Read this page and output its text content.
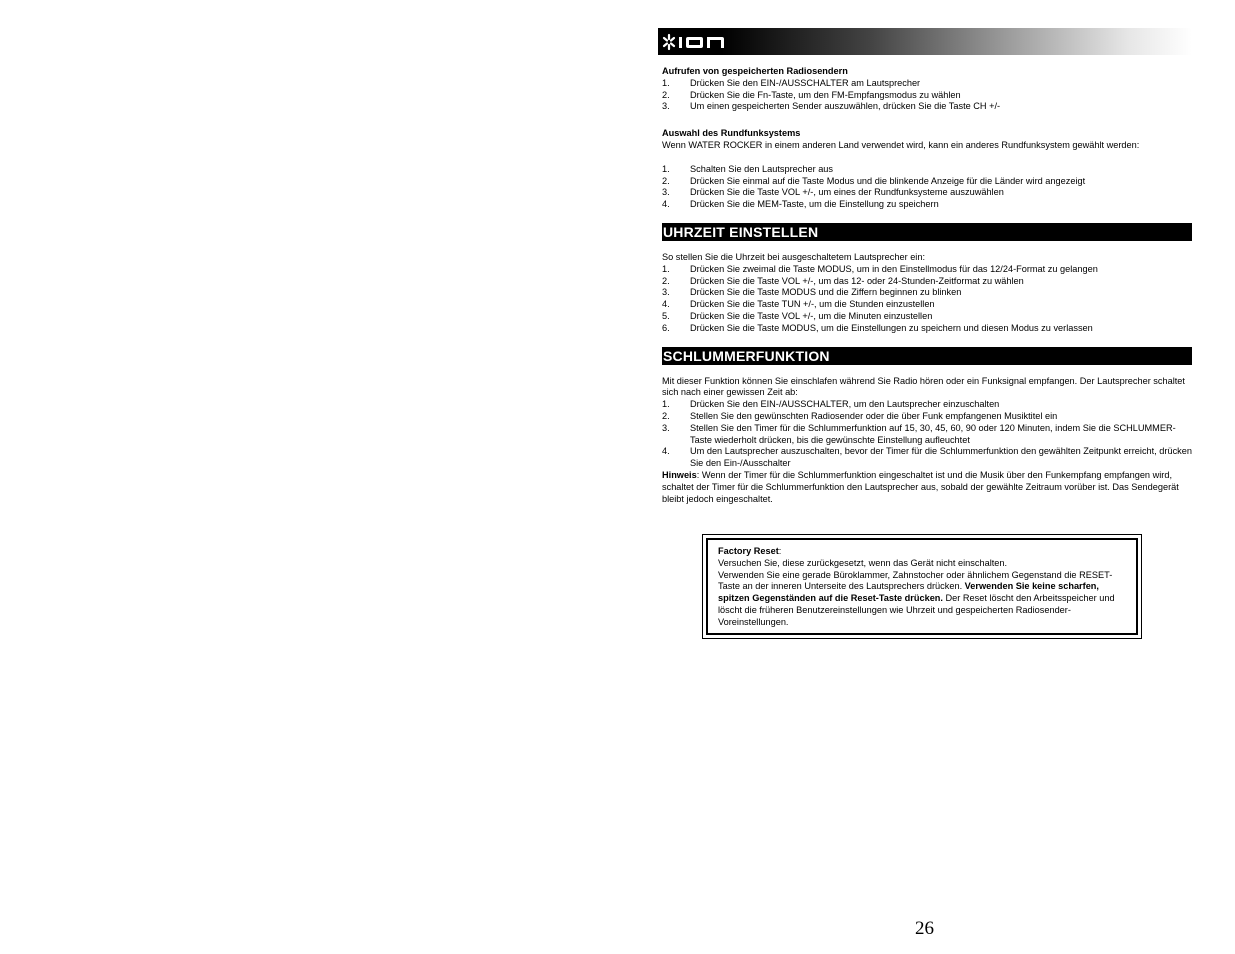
Aufrufen von gespeicherten Radiosendern

1. Drücken Sie den EIN-/AUSSCHALTER am Lautsprecher
2. Drücken Sie die Fn-Taste, um den FM-Empfangsmodus zu wählen
3. Um einen gespeicherten Sender auszuwählen, drücken Sie die Taste CH +/-

Auswahl des Rundfunksystems

Wenn WATER ROCKER in einem anderen Land verwendet wird, kann ein anderes Rundfunksystem gewählt werden:

1. Schalten Sie den Lautsprecher aus
2. Drücken Sie einmal auf die Taste Modus und die blinkende Anzeige für die Länder wird angezeigt
3. Drücken Sie die Taste VOL +/-, um eines der Rundfunksysteme auszuwählen
4. Drücken Sie die MEM-Taste, um die Einstellung zu speichern
UHRZEIT EINSTELLEN

So stellen Sie die Uhrzeit bei ausgeschaltetem Lautsprecher ein:

1. Drücken Sie zweimal die Taste MODUS, um in den Einstellmodus für das 12/24-Format zu gelangen
2. Drücken Sie die Taste VOL +/-, um das 12- oder 24-Stunden-Zeitformat zu wählen
3. Drücken Sie die Taste MODUS und die Ziffern beginnen zu blinken
4. Drücken Sie die Taste TUN +/-, um die Stunden einzustellen
5. Drücken Sie die Taste VOL +/-, um die Minuten einzustellen
6. Drücken Sie die Taste MODUS, um die Einstellungen zu speichern und diesen Modus zu verlassen
SCHLUMMERFUNKTION

Mit dieser Funktion können Sie einschlafen während Sie Radio hören oder ein Funksignal empfangen. Der Lautsprecher schaltet sich nach einer gewissen Zeit ab:

1. Drücken Sie den EIN-/AUSSCHALTER, um den Lautsprecher einzuschalten
2. Stellen Sie den gewünschten Radiosender oder die über Funk empfangenen Musiktitel ein
3. Stellen Sie den Timer für die Schlummerfunktion auf 15, 30, 45, 60, 90 oder 120 Minuten, indem Sie die SCHLUMMER-Taste wiederholt drücken, bis die gewünschte Einstellung aufleuchtet
4. Um den Lautsprecher auszuschalten, bevor der Timer für die Schlummerfunktion den gewählten Zeitpunkt erreicht, drücken Sie den Ein-/Ausschalter

Hinweis: Wenn der Timer für die Schlummerfunktion eingeschaltet ist und die Musik über den Funkempfang empfangen wird, schaltet der Timer für die Schlummerfunktion den Lautsprecher aus, sobald der gewählte Zeitraum vorüber ist. Das Sendegerät bleibt jedoch eingeschaltet.

Factory Reset:
Versuchen Sie, diese zurückgesetzt, wenn das Gerät nicht einschalten.
Verwenden Sie eine gerade Büroklammer, Zahnstocher oder ähnlichem Gegenstand die RESET-Taste an der inneren Unterseite des Lautsprechers drücken. Verwenden Sie keine scharfen, spitzen Gegenständen auf die Reset-Taste drücken. Der Reset löscht den Arbeitsspeicher und löscht die früheren Benutzereinstellungen wie Uhrzeit und gespeicherten Radiosender-Voreinstellungen.
26
